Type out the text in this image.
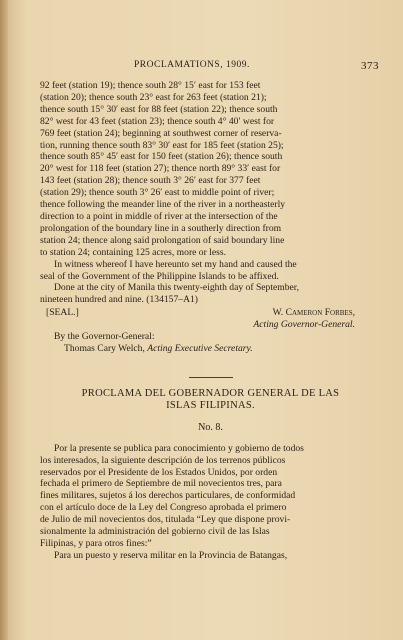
PROCLAMATIONS, 1909.	373

92 feet (station 19); thence south 28° 15′ east for 153 feet

(station 20); thence south 23° east for 263 feet (station 21);

thence south 15° 30′ east for 88 feet (station 22); thence south

82° west for 43 feet (station 23); thence south 4° 40′ west for

769 feet (station 24); beginning at southwest corner of reserva-

tion, running thence south 83° 30′ east for 185 feet (station 25);

thence south 85° 45′ east for 150 feet (station 26); thence south

20° west for 118 feet (station 27); thence north 89° 33′ east for

143 feet (station 28); thence south 3° 26′ east for 377 feet

(station 29); thence south 3° 26′ east to middle point of river;

thence following the meander line of the river in a northeasterly

direction to a point in middle of river at the intersection of the

prolongation of the boundary line in a southerly direction from

station 24; thence along said prolongation of said boundary line

to station 24; containing 125 acres, more or less.

In witness whereof I have hereunto set my hand and caused the

seal of the Government of the Philippine Islands to be affixed.

Done at the city of Manila this twenty-eighth day of September,

nineteen hundred and nine. (134157–A1)

[SEAL.]	W. Cameron Forbes,

Acting Governor-General.

By the Governor-General:

Thomas Cary Welch, Acting Executive Secretary.

PROCLAMA DEL GOBERNADOR GENERAL DE LAS
ISLAS FILIPINAS.
No. 8.

Por la presente se publica para conocimiento y gobierno de todos

los interesados, la siguiente descripción de los terrenos públicos

reservados por el Presidente de los Estados Unidos, por orden

fechada el primero de Septiembre de mil novecientos tres, para

fines militares, sujetos á los derechos particulares, de conformidad

con el artículo doce de la Ley del Congreso aprobada el primero

de Julio de mil novecientos dos, titulada “Ley que dispone provi-

sionalmente la administración del gobierno civil de las Islas

Filipinas, y para otros fines:”

Para un puesto y reserva militar en la Provincia de Batangas,
